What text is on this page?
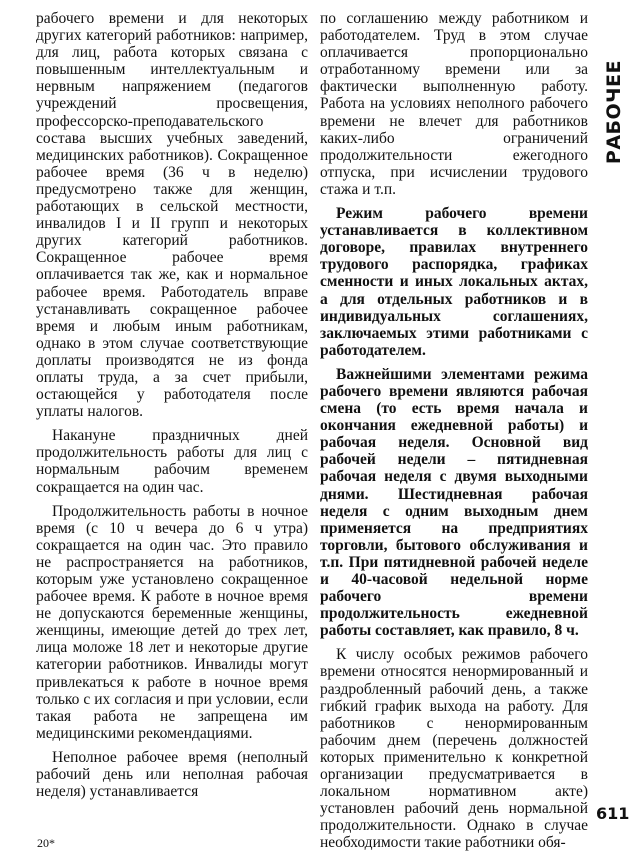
рабочего времени и для некоторых других категорий работников: например, для лиц, работа которых связана с повышенным интеллектуальным и нервным напряжением (педагогов учреждений просвещения, профессорско-преподавательского состава высших учебных заведений, медицинских работников). Сокращенное рабочее время (36 ч в неделю) предусмотрено также для женщин, работающих в сельской местности, инвалидов I и II групп и некоторых других категорий работников. Сокращенное рабочее время оплачивается так же, как и нормальное рабочее время. Работодатель вправе устанавливать сокращенное рабочее время и любым иным работникам, однако в этом случае соответствующие доплаты производятся не из фонда оплаты труда, а за счет прибыли, остающейся у работодателя после уплаты налогов.

Накануне праздничных дней продолжительность работы для лиц с нормальным рабочим временем сокращается на один час.

Продолжительность работы в ночное время (с 10 ч вечера до 6 ч утра) сокращается на один час. Это правило не распространяется на работников, которым уже установлено сокращенное рабочее время. К работе в ночное время не допускаются беременные женщины, женщины, имеющие детей до трех лет, лица моложе 18 лет и некоторые другие категории работников. Инвалиды могут привлекаться к работе в ночное время только с их согласия и при условии, если такая работа не запрещена им медицинскими рекомендациями.

Неполное рабочее время (неполный рабочий день или неполная рабочая неделя) устанавливается

по соглашению между работником и работодателем. Труд в этом случае оплачивается пропорционально отработанному времени или за фактически выполненную работу. Работа на условиях неполного рабочего времени не влечет для работников каких-либо ограничений продолжительности ежегодного отпуска, при исчислении трудового стажа и т.п.

Режим рабочего времени устанавливается в коллективном договоре, правилах внутреннего трудового распорядка, графиках сменности и иных локальных актах, а для отдельных работников и в индивидуальных соглашениях, заключаемых этими работниками с работодателем.

Важнейшими элементами режима рабочего времени являются рабочая смена (то есть время начала и окончания ежедневной работы) и рабочая неделя. Основной вид рабочей недели – пятидневная рабочая неделя с двумя выходными днями. Шестидневная рабочая неделя с одним выходным днем применяется на предприятиях торговли, бытового обслуживания и т.п. При пятидневной рабочей неделе и 40-часовой недельной норме рабочего времени продолжительность ежедневной работы составляет, как правило, 8 ч.

К числу особых режимов рабочего времени относятся ненормированный и раздробленный рабочий день, а также гибкий график выхода на работу. Для работников с ненормированным рабочим днем (перечень должностей которых применительно к конкретной организации предусматривается в локальном нормативном акте) установлен рабочий день нормальной продолжительности. Однако в случае необходимости такие работники обя-

РАБОЧЕЕ
611
20*
